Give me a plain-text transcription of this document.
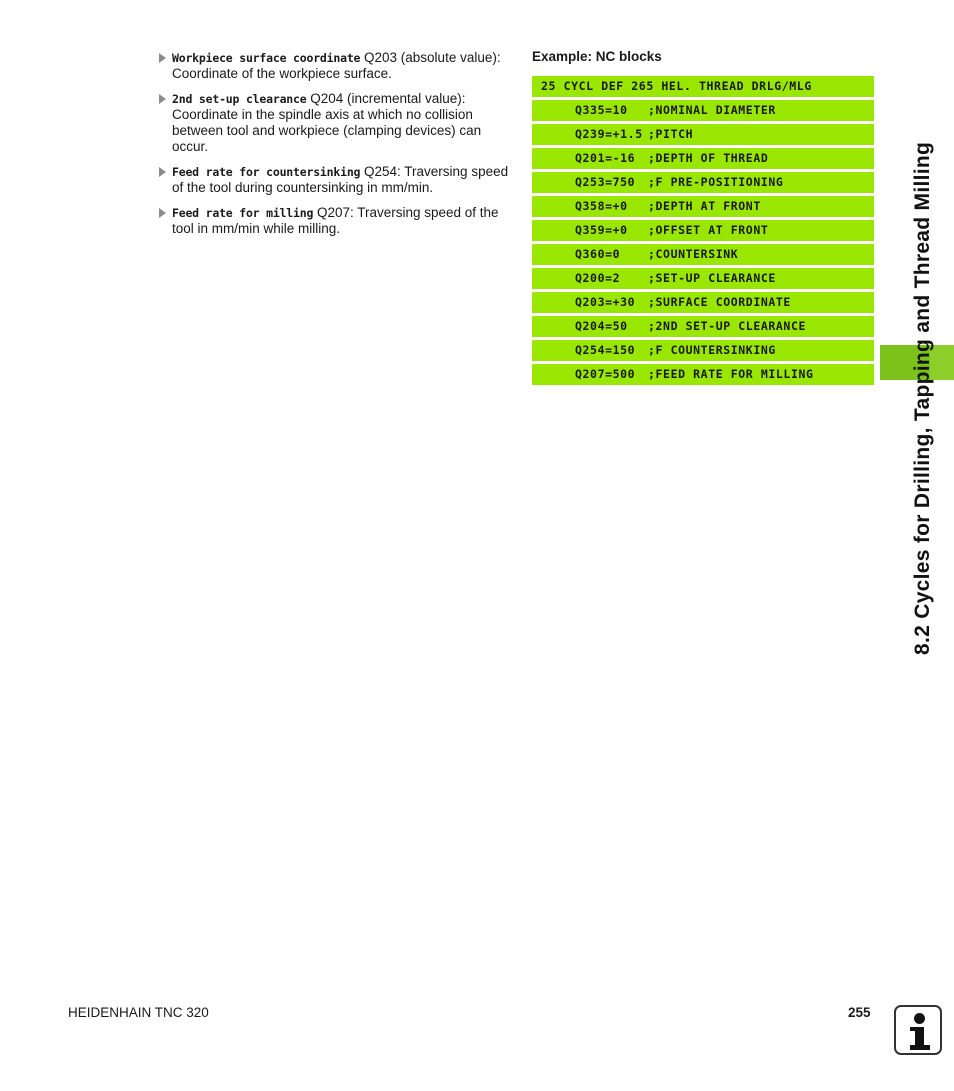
Workpiece surface coordinate Q203 (absolute value): Coordinate of the workpiece surface.
2nd set-up clearance Q204 (incremental value): Coordinate in the spindle axis at which no collision between tool and workpiece (clamping devices) can occur.
Feed rate for countersinking Q254: Traversing speed of the tool during countersinking in mm/min.
Feed rate for milling Q207: Traversing speed of the tool in mm/min while milling.
Example: NC blocks
25 CYCL DEF 265 HEL. THREAD DRLG/MLG
Q335=10 ;NOMINAL DIAMETER
Q239=+1.5 ;PITCH
Q201=-16 ;DEPTH OF THREAD
Q253=750 ;F PRE-POSITIONING
Q358=+0 ;DEPTH AT FRONT
Q359=+0 ;OFFSET AT FRONT
Q360=0 ;COUNTERSINK
Q200=2 ;SET-UP CLEARANCE
Q203=+30 ;SURFACE COORDINATE
Q204=50 ;2ND SET-UP CLEARANCE
Q254=150 ;F COUNTERSINKING
Q207=500 ;FEED RATE FOR MILLING	8.2 Cycles for Drilling, Tapping and Thread Milling
HEIDENHAIN TNC 320	255
